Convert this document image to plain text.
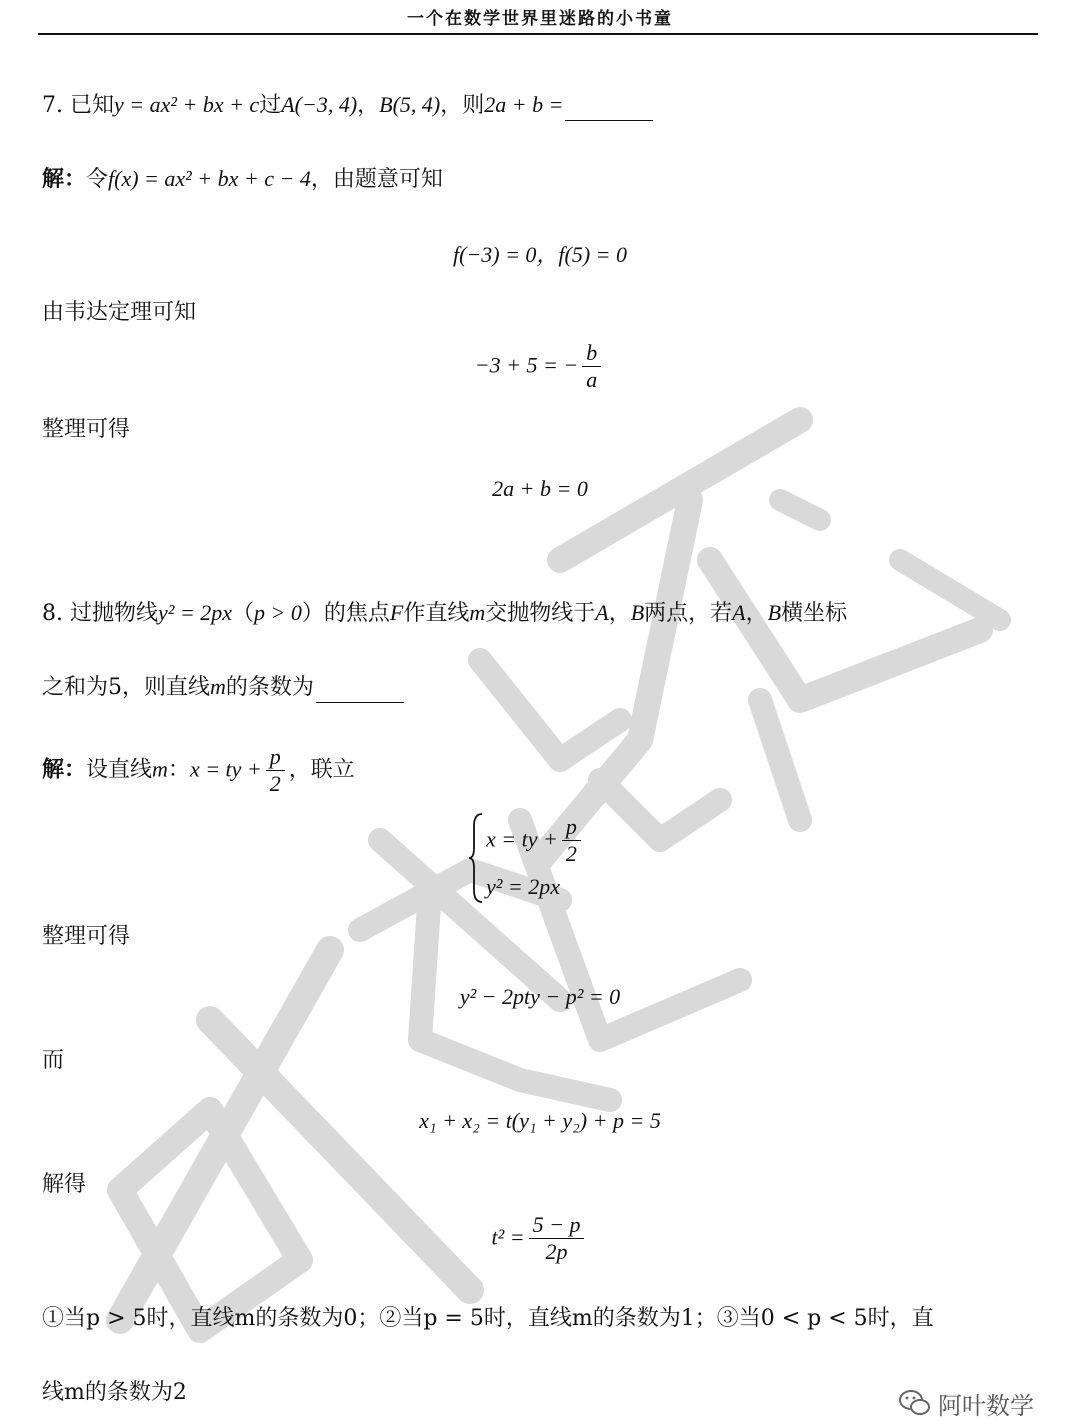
一个在数学世界里迷路的小书童
7. 已知y = ax² + bx + c过A(−3, 4)，B(5, 4)，则2a + b =
解：令f(x) = ax² + bx + c − 4，由题意可知
f(−3) = 0，f(5) = 0
由韦达定理可知
−3 + 5 = − $\frac{b}{a}$
整理可得
2a + b = 0
8. 过抛物线y² = 2px（p > 0）的焦点F作直线m交抛物线于A，B两点，若A，B横坐标
之和为5，则直线m的条数为
解：设直线m：x = ty + $\frac{p}{2}$ ，联立
x = ty + $\frac{p}{2}$
y² = 2px
整理可得
y² − 2pty − p² = 0
而
x₁ + x₂ = t(y₁ + y₂) + p = 5
解得
$t^2 = \frac{5 - p}{2p}$
①当p > 5时，直线m的条数为0；②当p = 5时，直线m的条数为1；③当0 < p < 5时，直
线m的条数为2	阿叶数学
